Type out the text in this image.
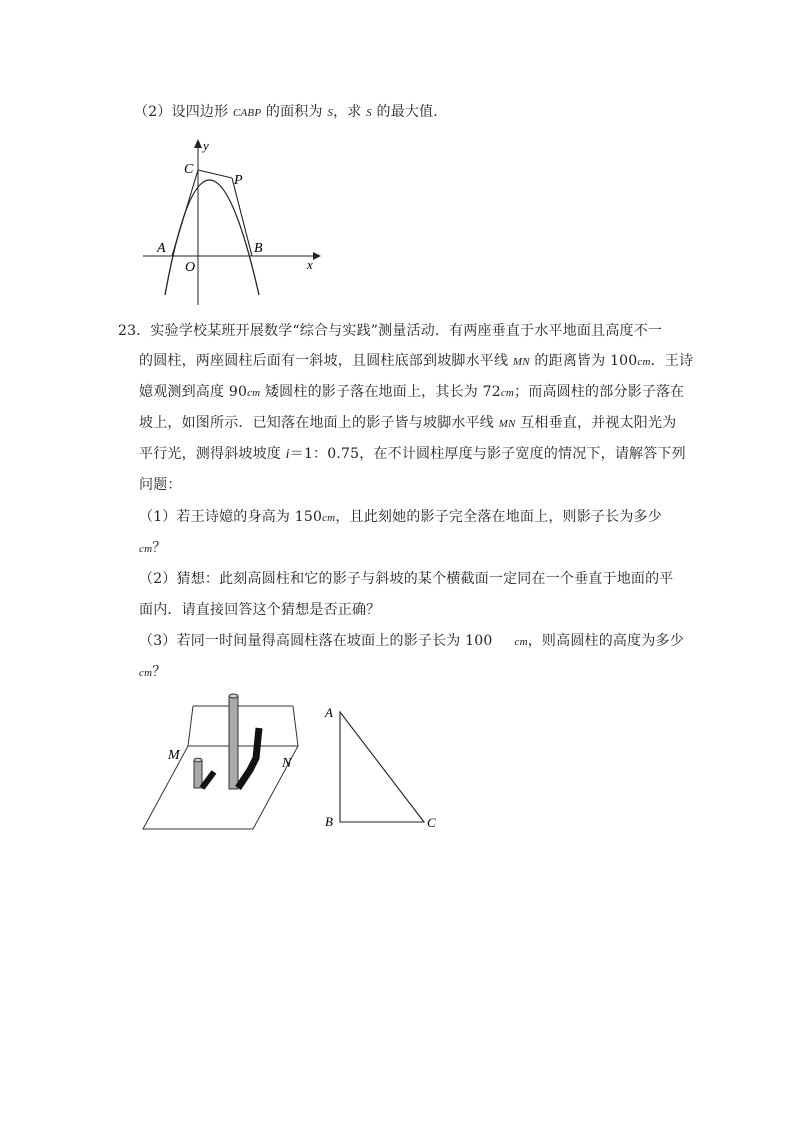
（2）设四边形 CABP 的面积为 S，求 S 的最大值．
y
C
P
A
O
B
x
23．实验学校某班开展数学“综合与实践”测量活动．有两座垂直于水平地面且高度不一
的圆柱，两座圆柱后面有一斜坡，且圆柱底部到坡脚水平线 MN 的距离皆为 100cm．王诗
嬑观测到高度 90cm 矮圆柱的影子落在地面上，其长为 72cm；而高圆柱的部分影子落在
坡上，如图所示．已知落在地面上的影子皆与坡脚水平线 MN 互相垂直，并视太阳光为
平行光，测得斜坡坡度 i＝1：0.75，在不计圆柱厚度与影子宽度的情况下，请解答下列
问题：
（1）若王诗嬑的身高为 150cm，且此刻她的影子完全落在地面上，则影子长为多少
cm？
（2）猜想：此刻高圆柱和它的影子与斜坡的某个横截面一定同在一个垂直于地面的平
面内．请直接回答这个猜想是否正确？
（3）若同一时间量得高圆柱落在坡面上的影子长为 100 cm，则高圆柱的高度为多少
cm？
M
N
A
B	C
